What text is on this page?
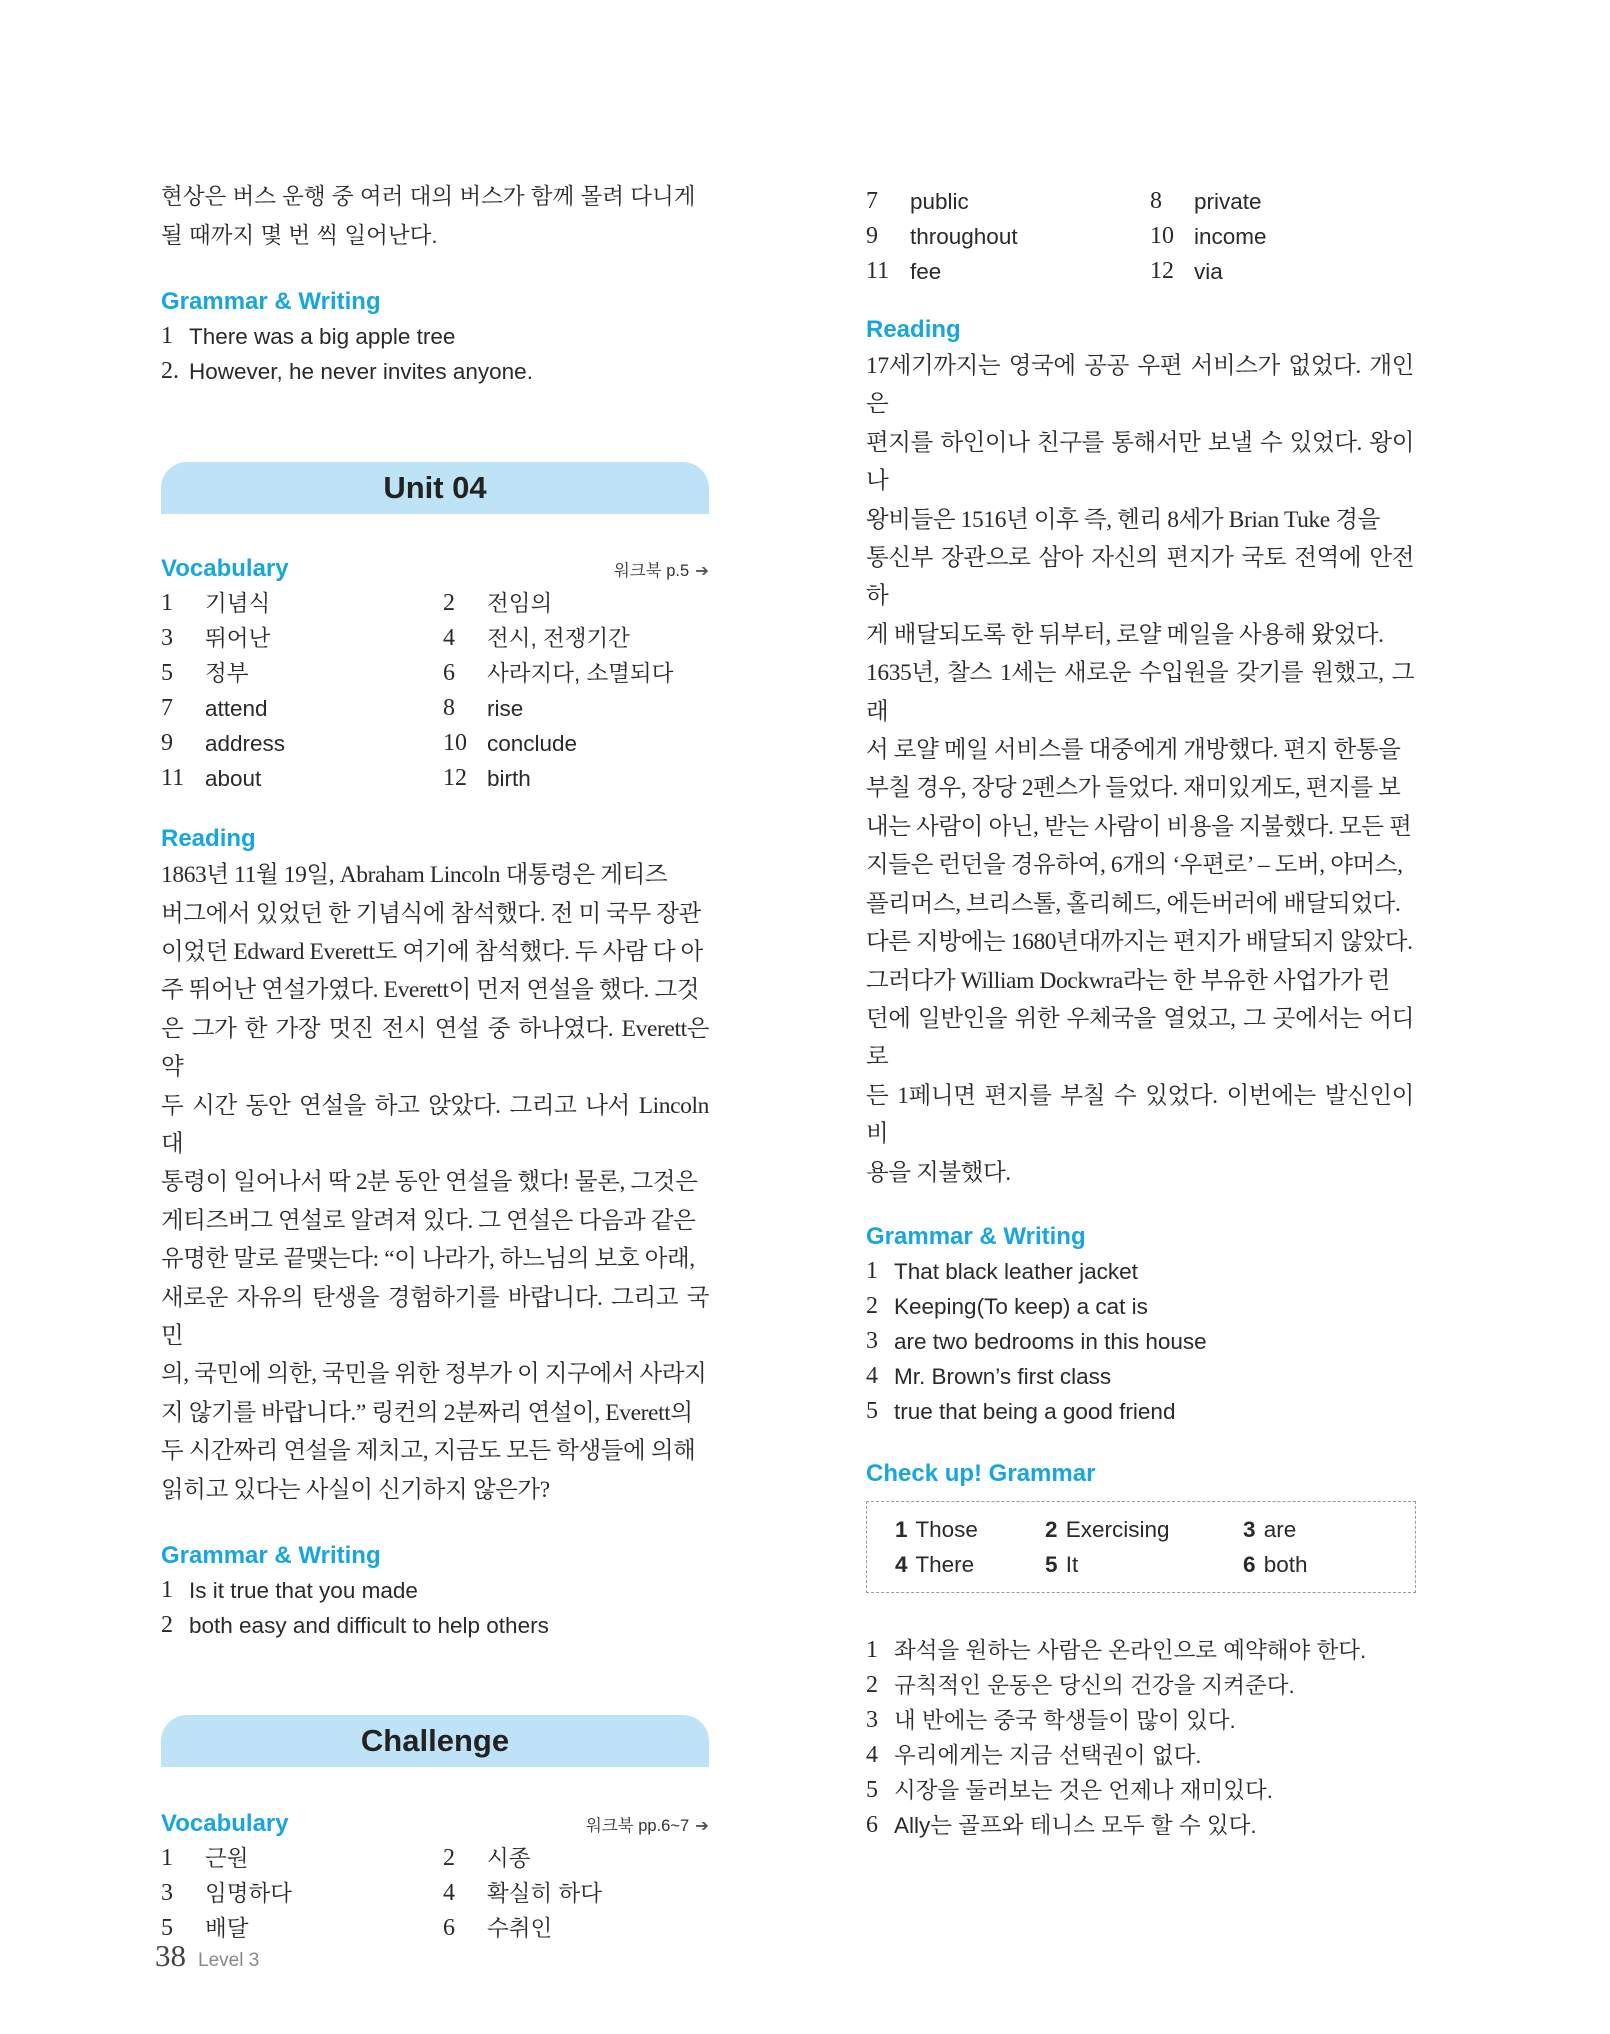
현상은 버스 운행 중 여러 대의 버스가 함께 몰려 다니게
될 때까지 몇 번 씩 일어난다.

Grammar & Writing
1 There was a big apple tree
2. However, he never invites anyone.
Unit 04
Vocabulary	워크북 p.5 ➔
1	기념식	2	전임의
3	뛰어난	4	전시, 전쟁기간
5	정부	6	사라지다, 소멸되다
7	attend	8	rise
9	address	10 conclude
11 about	12 birth
Reading

1863년 11월 19일, Abraham Lincoln 대통령은 게티즈
버그에서 있었던 한 기념식에 참석했다. 전 미 국무 장관
이었던 Edward Everett도 여기에 참석했다. 두 사람 다 아
주 뛰어난 연설가였다. Everett이 먼저 연설을 했다. 그것
은 그가 한 가장 멋진 전시 연설 중 하나였다. Everett은 약
두 시간 동안 연설을 하고 앉았다. 그리고 나서 Lincoln 대
통령이 일어나서 딱 2분 동안 연설을 했다! 물론, 그것은
게티즈버그 연설로 알려져 있다. 그 연설은 다음과 같은
유명한 말로 끝맺는다: “이 나라가, 하느님의 보호 아래,
새로운 자유의 탄생을 경험하기를 바랍니다. 그리고 국민
의, 국민에 의한, 국민을 위한 정부가 이 지구에서 사라지
지 않기를 바랍니다.” 링컨의 2분짜리 연설이, Everett의
두 시간짜리 연설을 제치고, 지금도 모든 학생들에 의해
읽히고 있다는 사실이 신기하지 않은가?

Grammar & Writing
1 Is it true that you made
2 both easy and difficult to help others
Challenge
Vocabulary	워크북 pp.6~7 ➔
1	근원	2	시종
3	임명하다	4	확실히 하다
5	배달	6	수취인
7	public	8	private
9	throughout	10 income
11 fee	12 via
Reading

17세기까지는 영국에 공공 우편 서비스가 없었다. 개인은
편지를 하인이나 친구를 통해서만 보낼 수 있었다. 왕이나
왕비들은 1516년 이후 즉, 헨리 8세가 Brian Tuke 경을
통신부 장관으로 삼아 자신의 편지가 국토 전역에 안전하
게 배달되도록 한 뒤부터, 로얄 메일을 사용해 왔었다.
1635년, 찰스 1세는 새로운 수입원을 갖기를 원했고, 그래
서 로얄 메일 서비스를 대중에게 개방했다. 편지 한통을
부칠 경우, 장당 2펜스가 들었다. 재미있게도, 편지를 보
내는 사람이 아닌, 받는 사람이 비용을 지불했다. 모든 편
지들은 런던을 경유하여, 6개의 ‘우편로’ – 도버, 야머스,
플리머스, 브리스톨, 홀리헤드, 에든버러에 배달되었다.
다른 지방에는 1680년대까지는 편지가 배달되지 않았다.
그러다가 William Dockwra라는 한 부유한 사업가가 런
던에 일반인을 위한 우체국을 열었고, 그 곳에서는 어디로
든 1페니면 편지를 부칠 수 있었다. 이번에는 발신인이 비
용을 지불했다.

Grammar & Writing
1 That black leather jacket
2 Keeping(To keep) a cat is
3 are two bedrooms in this house
4 Mr. Brown’s first class
5 true that being a good friend
Check up! Grammar
1 Those	2 Exercising	3 are
4 There	5 It	6 both
1 좌석을 원하는 사람은 온라인으로 예약해야 한다.
2 규칙적인 운동은 당신의 건강을 지켜준다.
3 내 반에는 중국 학생들이 많이 있다.
4 우리에게는 지금 선택권이 없다.
5 시장을 둘러보는 것은 언제나 재미있다.
6 Ally는 골프와 테니스 모두 할 수 있다.
38 Level 3
